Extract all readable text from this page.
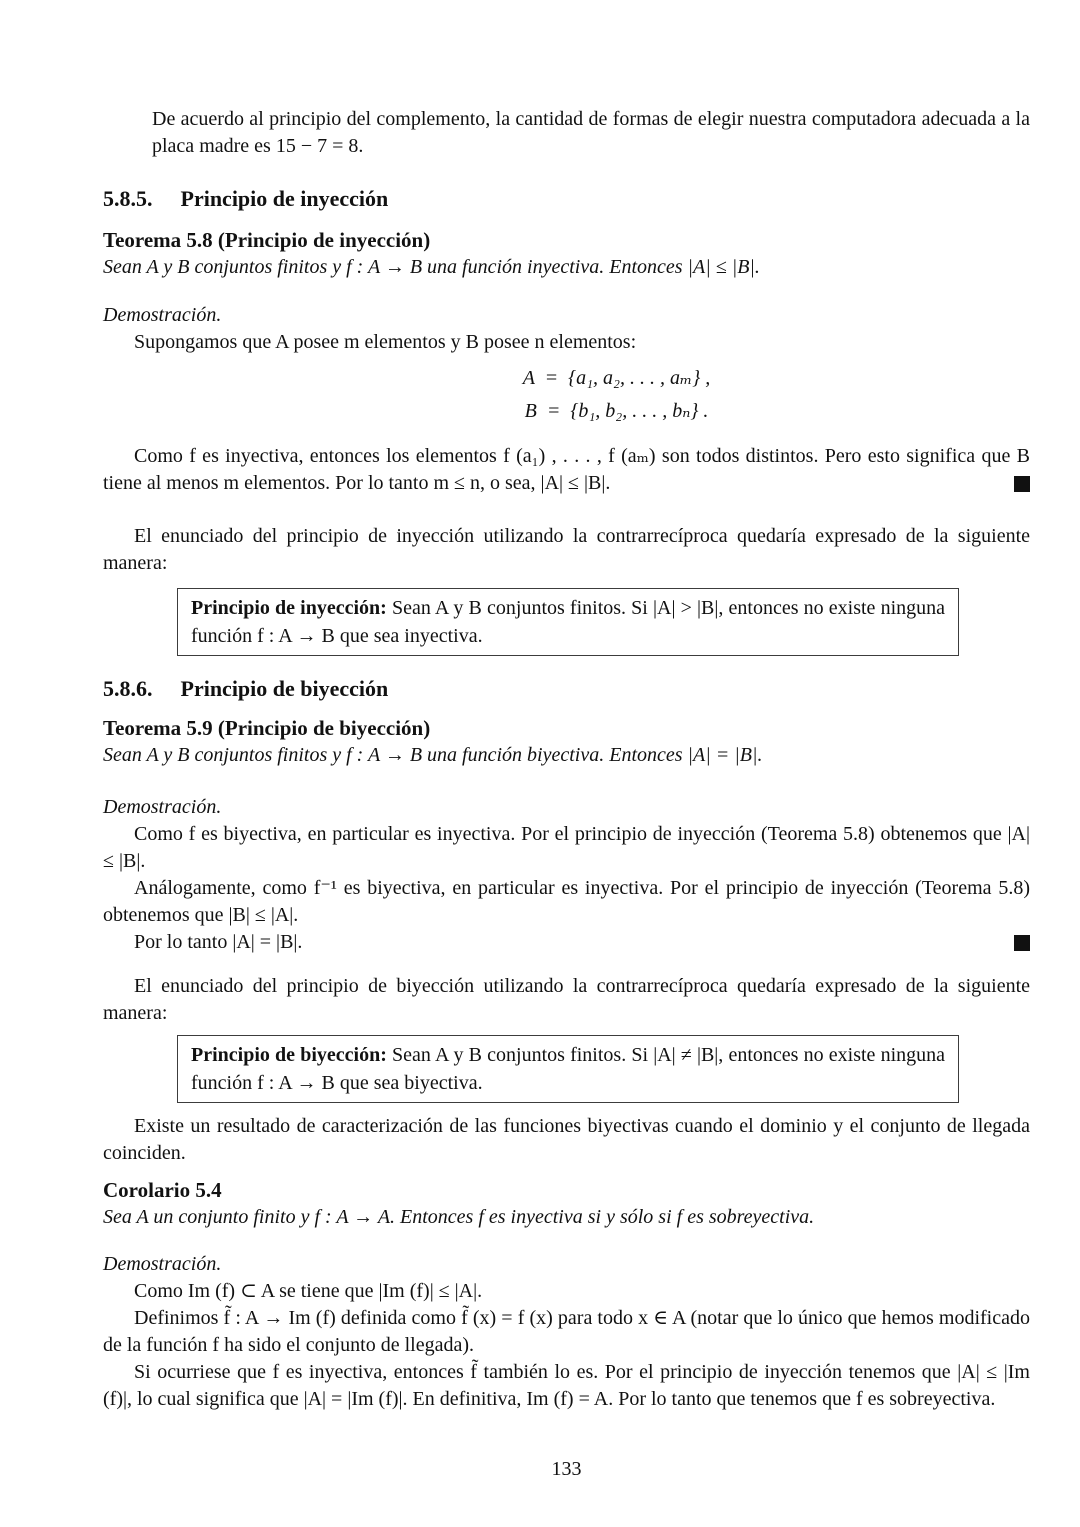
De acuerdo al principio del complemento, la cantidad de formas de elegir nuestra computadora adecuada a la placa madre es 15 − 7 = 8.

5.8.5. Principio de inyección
Teorema 5.8 (Principio de inyección)

Sean A y B conjuntos finitos y f : A → B una función inyectiva. Entonces |A| ≤ |B|.

Demostración.

Supongamos que A posee m elementos y B posee n elementos:

A  =  {a₁, a₂, . . . , aₘ} ,
B  =  {b₁, b₂, . . . , bₙ} .

Como f es inyectiva, entonces los elementos f (a₁) , . . . , f (aₘ) son todos distintos. Pero esto significa que B tiene al menos m elementos. Por lo tanto m ≤ n, o sea, |A| ≤ |B|.

El enunciado del principio de inyección utilizando la contrarrecíproca quedaría expresado de la siguiente manera:

Principio de inyección: Sean A y B conjuntos finitos. Si |A| > |B|, entonces no existe ninguna función f : A → B que sea inyectiva.

5.8.6. Principio de biyección
Teorema 5.9 (Principio de biyección)

Sean A y B conjuntos finitos y f : A → B una función biyectiva. Entonces |A| = |B|.

Demostración.

Como f es biyectiva, en particular es inyectiva. Por el principio de inyección (Teorema 5.8) obtenemos que |A| ≤ |B|.

Análogamente, como f⁻¹ es biyectiva, en particular es inyectiva. Por el principio de inyección (Teorema 5.8) obtenemos que |B| ≤ |A|.

Por lo tanto |A| = |B|.

El enunciado del principio de biyección utilizando la contrarrecíproca quedaría expresado de la siguiente manera:

Principio de biyección: Sean A y B conjuntos finitos. Si |A| ≠ |B|, entonces no existe ninguna función f : A → B que sea biyectiva.

Existe un resultado de caracterización de las funciones biyectivas cuando el dominio y el conjunto de llegada coinciden.

Corolario 5.4

Sea A un conjunto finito y f : A → A. Entonces f es inyectiva si y sólo si f es sobreyectiva.

Demostración.

Como Im (f) ⊂ A se tiene que |Im (f)| ≤ |A|.

Definimos f̃ : A → Im (f) definida como f̃ (x) = f (x) para todo x ∈ A (notar que lo único que hemos modificado de la función f ha sido el conjunto de llegada).

Si ocurriese que f es inyectiva, entonces f̃ también lo es. Por el principio de inyección tenemos que |A| ≤ |Im (f)|, lo cual significa que |A| = |Im (f)|. En definitiva, Im (f) = A. Por lo tanto que tenemos que f es sobreyectiva.

133
